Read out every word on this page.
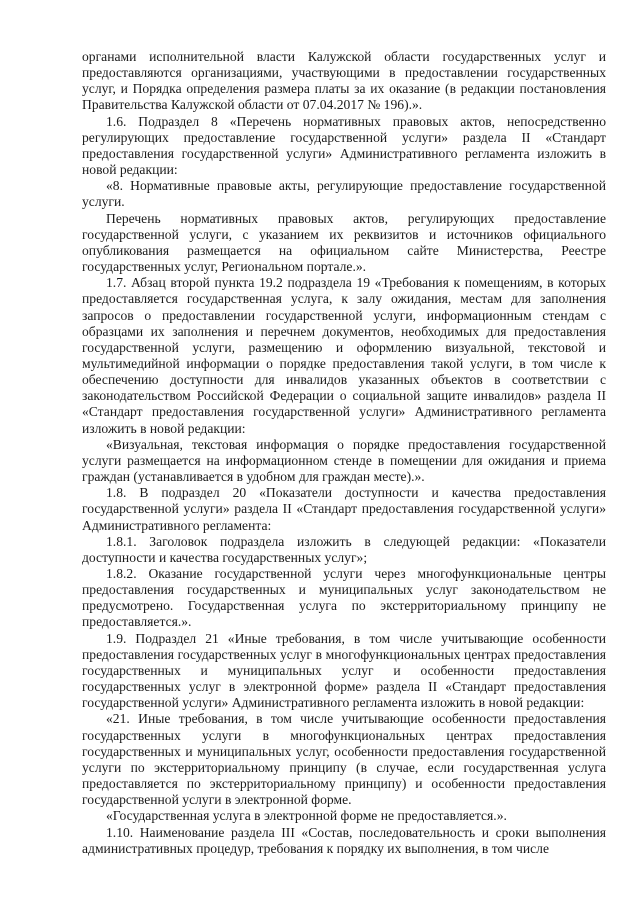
органами исполнительной власти Калужской области государственных услуг и предоставляются организациями, участвующими в предоставлении государственных услуг, и Порядка определения размера платы за их оказание (в редакции постановления Правительства Калужской области от 07.04.2017 № 196).».

1.6. Подраздел 8 «Перечень нормативных правовых актов, непосредственно регулирующих предоставление государственной услуги» раздела II «Стандарт предоставления государственной услуги» Административного регламента изложить в новой редакции:

«8. Нормативные правовые акты, регулирующие предоставление государственной услуги.

Перечень нормативных правовых актов, регулирующих предоставление государственной услуги, с указанием их реквизитов и источников официального опубликования размещается на официальном сайте Министерства, Реестре государственных услуг, Региональном портале.».

1.7. Абзац второй пункта 19.2 подраздела 19 «Требования к помещениям, в которых предоставляется государственная услуга, к залу ожидания, местам для заполнения запросов о предоставлении государственной услуги, информационным стендам с образцами их заполнения и перечнем документов, необходимых для предоставления государственной услуги, размещению и оформлению визуальной, текстовой и мультимедийной информации о порядке предоставления такой услуги, в том числе к обеспечению доступности для инвалидов указанных объектов в соответствии с законодательством Российской Федерации о социальной защите инвалидов» раздела II «Стандарт предоставления государственной услуги» Административного регламента изложить в новой редакции:

«Визуальная, текстовая информация о порядке предоставления государственной услуги размещается на информационном стенде в помещении для ожидания и приема граждан (устанавливается в удобном для граждан месте).».

1.8. В подраздел 20 «Показатели доступности и качества предоставления государственной услуги» раздела II «Стандарт предоставления государственной услуги» Административного регламента:

1.8.1. Заголовок подраздела изложить в следующей редакции: «Показатели доступности и качества государственных услуг»;

1.8.2. Оказание государственной услуги через многофункциональные центры предоставления государственных и муниципальных услуг законодательством не предусмотрено. Государственная услуга по экстерриториальному принципу не предоставляется.».

1.9. Подраздел 21 «Иные требования, в том числе учитывающие особенности предоставления государственных услуг в многофункциональных центрах предоставления государственных и муниципальных услуг и особенности предоставления государственных услуг в электронной форме» раздела II «Стандарт предоставления государственной услуги» Административного регламента изложить в новой редакции:

«21. Иные требования, в том числе учитывающие особенности предоставления государственных услуги в многофункциональных центрах предоставления государственных и муниципальных услуг, особенности предоставления государственной услуги по экстерриториальному принципу (в случае, если государственная услуга предоставляется по экстерриториальному принципу) и особенности предоставления государственной услуги в электронной форме.

«Государственная услуга в электронной форме не предоставляется.».

1.10. Наименование раздела III «Состав, последовательность и сроки выполнения административных процедур, требования к порядку их выполнения, в том числе
